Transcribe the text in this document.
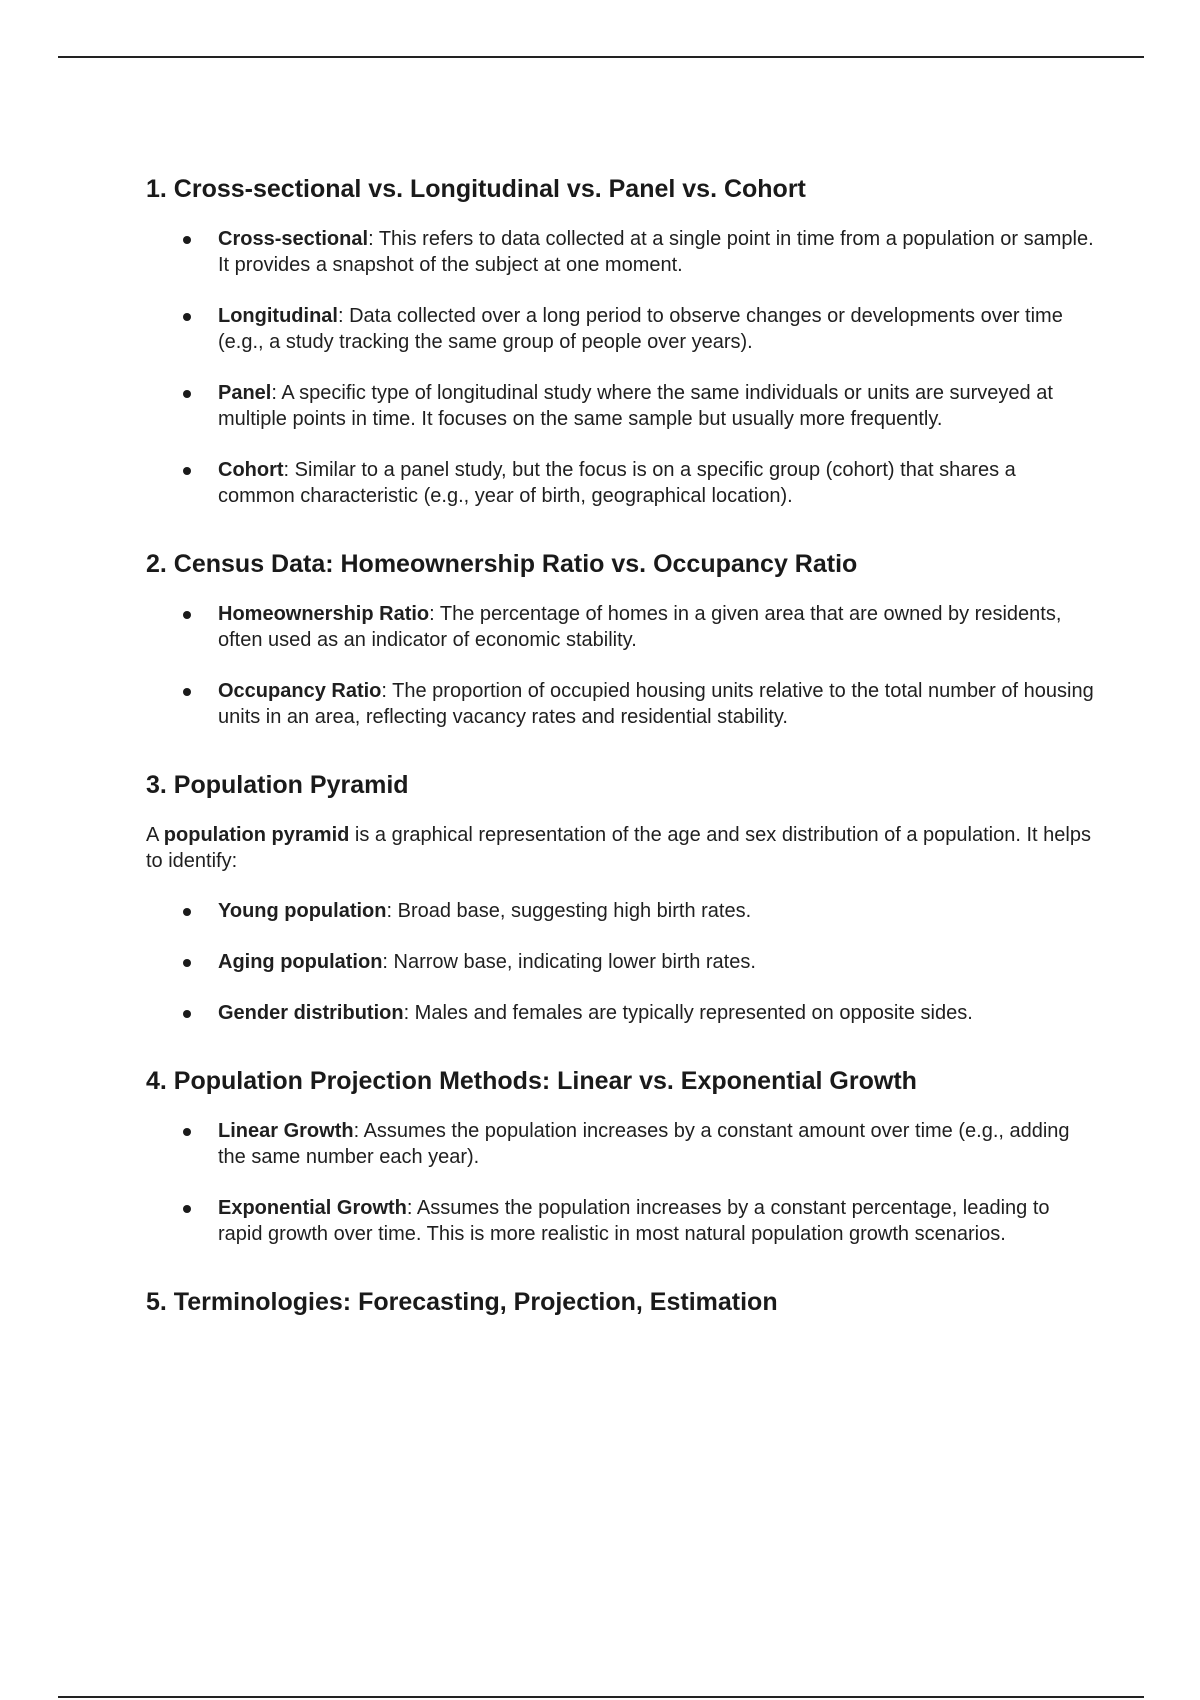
1. Cross-sectional vs. Longitudinal vs. Panel vs. Cohort
Cross-sectional: This refers to data collected at a single point in time from a population or sample. It provides a snapshot of the subject at one moment.
Longitudinal: Data collected over a long period to observe changes or developments over time (e.g., a study tracking the same group of people over years).
Panel: A specific type of longitudinal study where the same individuals or units are surveyed at multiple points in time. It focuses on the same sample but usually more frequently.
Cohort: Similar to a panel study, but the focus is on a specific group (cohort) that shares a common characteristic (e.g., year of birth, geographical location).
2. Census Data: Homeownership Ratio vs. Occupancy Ratio
Homeownership Ratio: The percentage of homes in a given area that are owned by residents, often used as an indicator of economic stability.
Occupancy Ratio: The proportion of occupied housing units relative to the total number of housing units in an area, reflecting vacancy rates and residential stability.
3. Population Pyramid

A population pyramid is a graphical representation of the age and sex distribution of a population. It helps to identify:

Young population: Broad base, suggesting high birth rates.
Aging population: Narrow base, indicating lower birth rates.
Gender distribution: Males and females are typically represented on opposite sides.
4. Population Projection Methods: Linear vs. Exponential Growth
Linear Growth: Assumes the population increases by a constant amount over time (e.g., adding the same number each year).
Exponential Growth: Assumes the population increases by a constant percentage, leading to rapid growth over time. This is more realistic in most natural population growth scenarios.
5. Terminologies: Forecasting, Projection, Estimation
